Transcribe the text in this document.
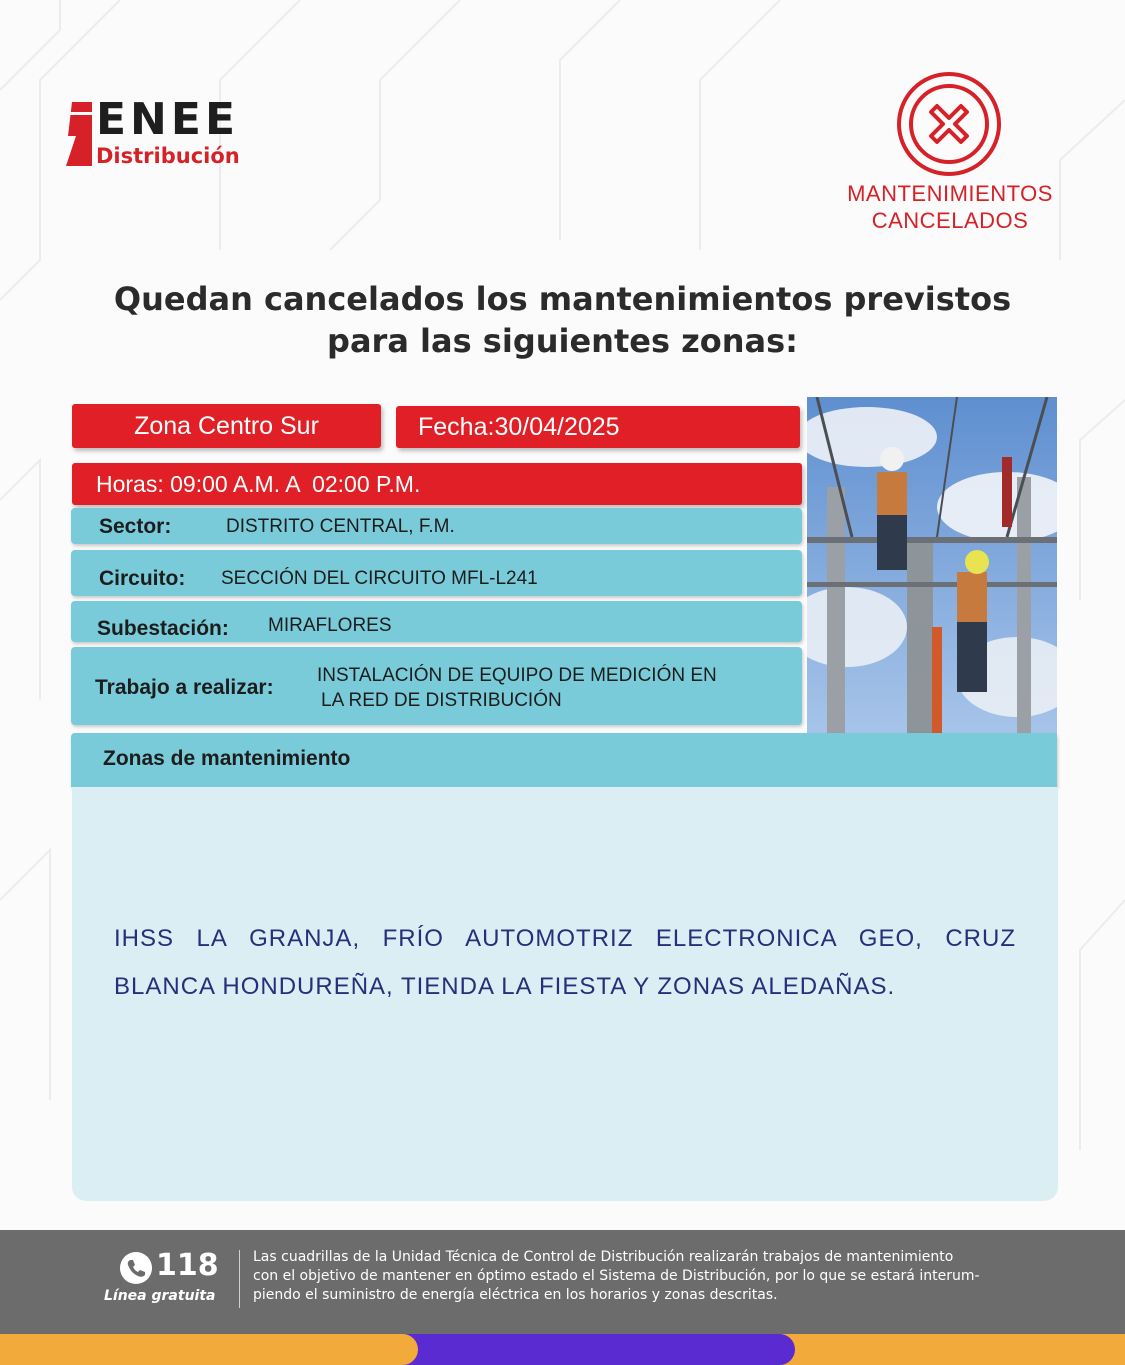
ENEE
Distribución
MANTENIMIENTOS
CANCELADOS
Quedan cancelados los mantenimientos previstos
para las siguientes zonas:
Zona Centro Sur	Fecha:30/04/2025
Horas: 09:00 A.M. A  02:00 P.M.
Sector:	DISTRITO CENTRAL, F.M.
Circuito: SECCIÓN DEL CIRCUITO MFL-L241
Subestación: MIRAFLORES
Trabajo a realizar:
INSTALACIÓN DE EQUIPO DE MEDICIÓN EN
LA RED DE DISTRIBUCIÓN
Zonas de mantenimiento
IHSS LA GRANJA, FRÍO AUTOMOTRIZ ELECTRONICA GEO, CRUZ BLANCA HONDUREÑA, TIENDA LA FIESTA Y ZONAS ALEDAÑAS.
118
Línea gratuita
Las cuadrillas de la Unidad Técnica de Control de Distribución realizarán trabajos de mantenimiento
con el objetivo de mantener en óptimo estado el Sistema de Distribución, por lo que se estará interum-
piendo el suministro de energía eléctrica en los horarios y zonas descritas.
